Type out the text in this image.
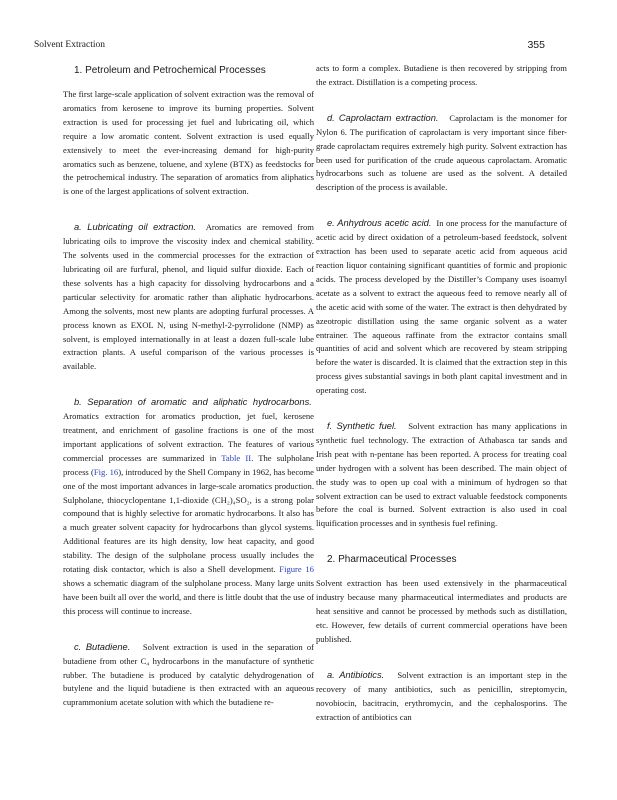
Solvent Extraction	355
1. Petroleum and Petrochemical Processes

The first large-scale application of solvent extraction was the removal of aromatics from kerosene to improve its burning properties. Solvent extraction is used for processing jet fuel and lubricating oil, which require a low aromatic content. Solvent extraction is used equally extensively to meet the ever-increasing demand for high-purity aromatics such as benzene, toluene, and xylene (BTX) as feedstocks for the petrochemical industry. The separation of aromatics from aliphatics is one of the largest applications of solvent extraction.

a. Lubricating oil extraction. Aromatics are removed from lubricating oils to improve the viscosity index and chemical stability. The solvents used in the commercial processes for the extraction of lubricating oil are furfural, phenol, and liquid sulfur dioxide. Each of these solvents has a high capacity for dissolving hydrocarbons and a particular selectivity for aromatic rather than aliphatic hydrocarbons. Among the solvents, most new plants are adopting furfural processes. A process known as EXOL N, using N-methyl-2-pyrrolidone (NMP) as solvent, is employed internationally in at least a dozen full-scale lube extraction plants. A useful comparison of the various processes is available.

b. Separation of aromatic and aliphatic hydrocarbons.  Aromatics extraction for aromatics production, jet fuel, kerosene treatment, and enrichment of gasoline fractions is one of the most important applications of solvent extraction. The features of various commercial processes are summarized in Table II. The sulpholane process (Fig. 16), introduced by the Shell Company in 1962, has become one of the most important advances in large-scale aromatics production. Sulpholane, thiocyclopentane 1,1-dioxide (CH₂)₄SO₂, is a strong polar compound that is highly selective for aromatic hydrocarbons. It also has a much greater solvent capacity for hydrocarbons than glycol systems. Additional features are its high density, low heat capacity, and good stability. The design of the sulpholane process usually includes the rotating disk contactor, which is also a Shell development. Figure 16 shows a schematic diagram of the sulpholane process. Many large units have been built all over the world, and there is little doubt that the use of this process will continue to increase.

c. Butadiene. Solvent extraction is used in the separation of butadiene from other C₄ hydrocarbons in the manufacture of synthetic rubber. The butadiene is produced by catalytic dehydrogenation of butylene and the liquid butadiene is then extracted with an aqueous cuprammonium acetate solution with which the butadiene re-

acts to form a complex. Butadiene is then recovered by stripping from the extract. Distillation is a competing process.

d. Caprolactam extraction. Caprolactam is the monomer for Nylon 6. The purification of caprolactam is very important since fiber-grade caprolactam requires extremely high purity. Solvent extraction has been used for purification of the crude aqueous caprolactam. Aromatic hydrocarbons such as toluene are used as the solvent. A detailed description of the process is available.

e. Anhydrous acetic acid. In one process for the manufacture of acetic acid by direct oxidation of a petroleum-based feedstock, solvent extraction has been used to separate acetic acid from aqueous acid reaction liquor containing significant quantities of formic and propionic acids. The process developed by the Distiller’s Company uses isoamyl acetate as a solvent to extract the aqueous feed to remove nearly all of the acetic acid with some of the water. The extract is then dehydrated by azeotropic distillation using the same organic solvent as a water entrainer. The aqueous raffinate from the extractor contains small quantities of acid and solvent which are recovered by steam stripping before the water is discarded. It is claimed that the extraction step in this process gives substantial savings in both plant capital investment and in operating cost.

f. Synthetic fuel. Solvent extraction has many applications in synthetic fuel technology. The extraction of Athabasca tar sands and Irish peat with n-pentane has been reported. A process for treating coal under hydrogen with a solvent has been described. The main object of the study was to open up coal with a minimum of hydrogen so that solvent extraction can be used to extract valuable feedstock components before the coal is burned. Solvent extraction is also used in coal liquification processes and in synthesis fuel refining.

2. Pharmaceutical Processes

Solvent extraction has been used extensively in the pharmaceutical industry because many pharmaceutical intermediates and products are heat sensitive and cannot be processed by methods such as distillation, etc. However, few details of current commercial operations have been published.

a. Antibiotics. Solvent extraction is an important step in the recovery of many antibiotics, such as penicillin, streptomycin, novobiocin, bacitracin, erythromycin, and the cephalosporins. The extraction of antibiotics can
